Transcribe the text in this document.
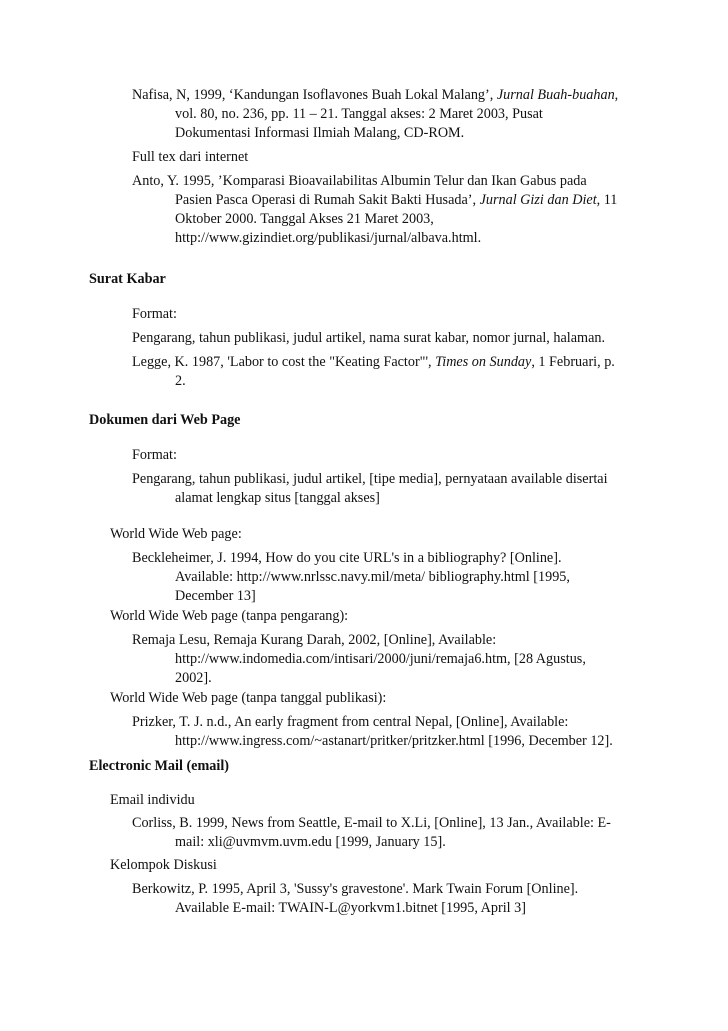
Nafisa, N, 1999, ‘Kandungan Isoflavones Buah Lokal Malang’, Jurnal Buah-buahan,
vol. 80, no. 236, pp. 11 – 21. Tanggal akses: 2 Maret 2003, Pusat
Dokumentasi Informasi Ilmiah Malang, CD-ROM.
Full tex dari internet
Anto, Y. 1995, ’Komparasi Bioavailabilitas Albumin Telur dan Ikan Gabus pada
Pasien Pasca Operasi di Rumah Sakit Bakti Husada’, Jurnal Gizi dan Diet, 11
Oktober 2000. Tanggal Akses 21 Maret 2003,
http://www.gizindiet.org/publikasi/jurnal/albava.html.
Surat Kabar
Format:
Pengarang, tahun publikasi, judul artikel, nama surat kabar, nomor jurnal, halaman.
Legge, K. 1987, 'Labor to cost the "Keating Factor"', Times on Sunday, 1 Februari, p.
2.
Dokumen dari Web Page
Format:
Pengarang, tahun publikasi, judul artikel, [tipe media], pernyataan available disertai
alamat lengkap situs [tanggal akses]
World Wide Web page:
Beckleheimer, J. 1994, How do you cite URL's in a bibliography? [Online].
Available: http://www.nrlssc.navy.mil/meta/ bibliography.html [1995,
December 13]
World Wide Web page (tanpa pengarang):
Remaja Lesu, Remaja Kurang Darah, 2002, [Online], Available:
http://www.indomedia.com/intisari/2000/juni/remaja6.htm, [28 Agustus,
2002].
World Wide Web page (tanpa tanggal publikasi):
Prizker, T. J. n.d., An early fragment from central Nepal, [Online], Available:
http://www.ingress.com/~astanart/pritker/pritzker.html [1996, December 12].
Electronic Mail (email)
Email individu
Corliss, B. 1999, News from Seattle, E-mail to X.Li, [Online], 13 Jan., Available: E-
mail: xli@uvmvm.uvm.edu [1999, January 15].
Kelompok Diskusi
Berkowitz, P. 1995, April 3, 'Sussy's gravestone'. Mark Twain Forum [Online].
Available E-mail: TWAIN-L@yorkvm1.bitnet [1995, April 3]
